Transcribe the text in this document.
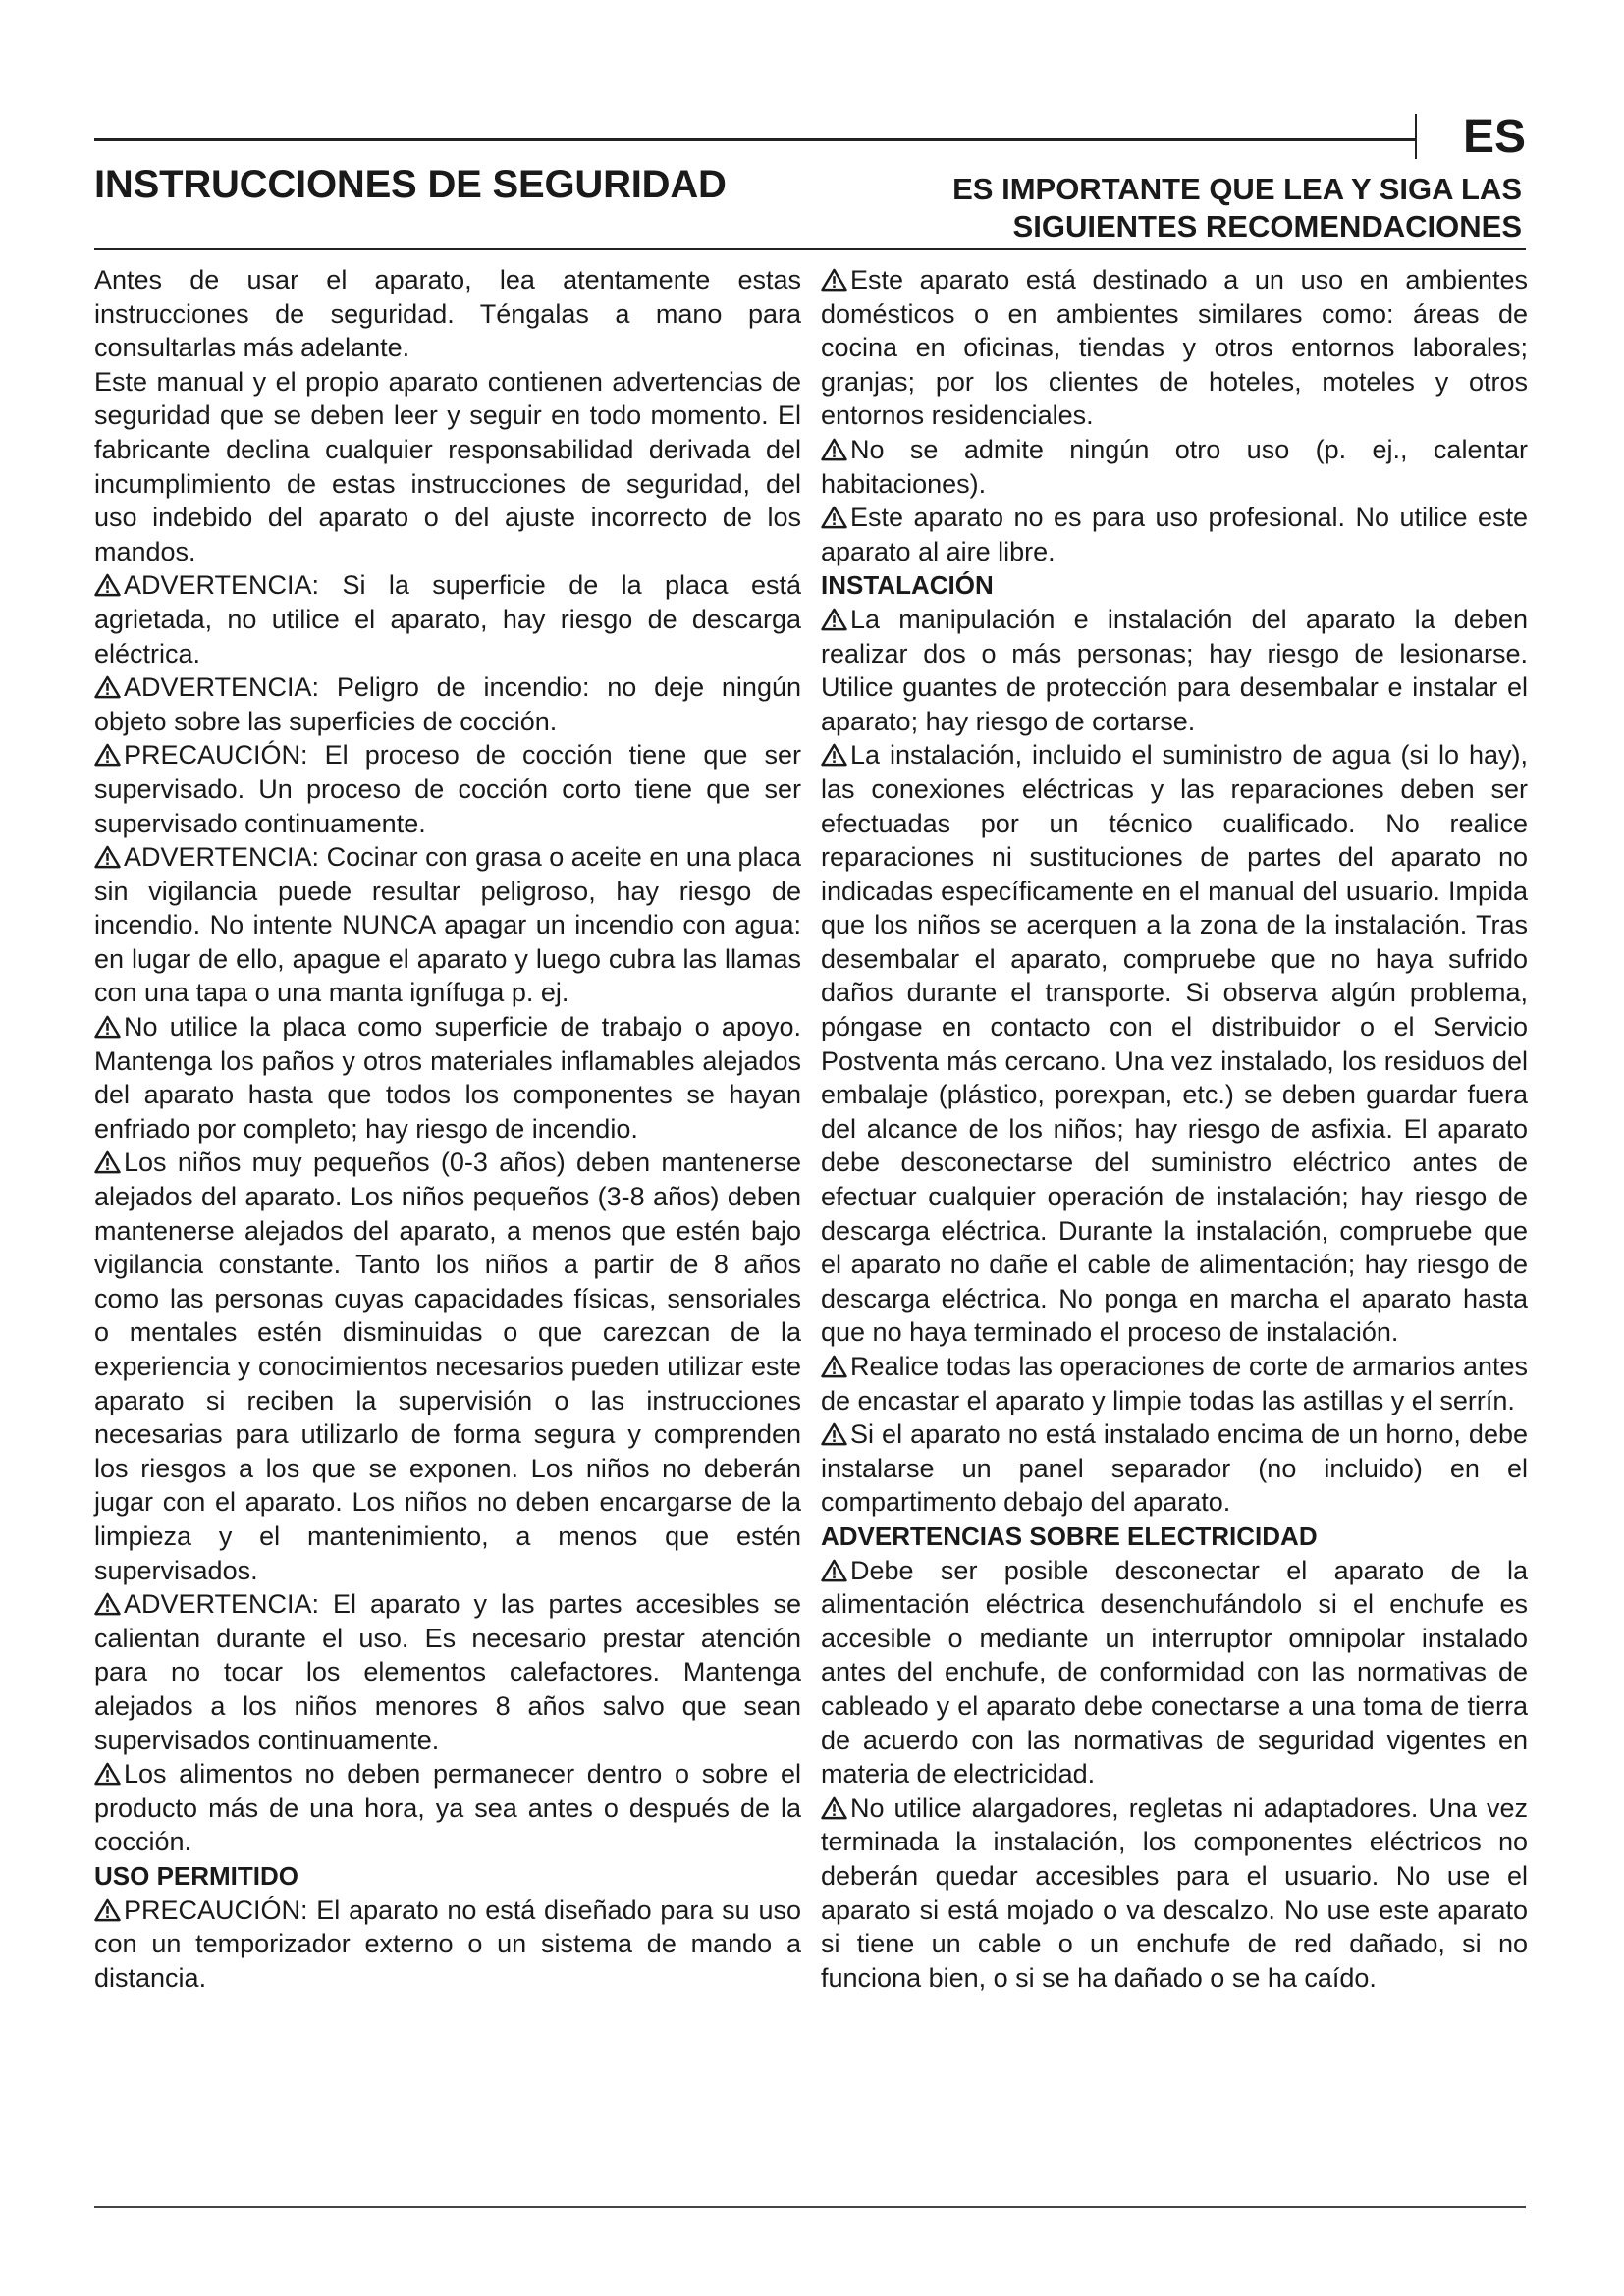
ES
INSTRUCCIONES DE SEGURIDAD	ES IMPORTANTE QUE LEA Y SIGA LAS
SIGUIENTES RECOMENDACIONES

Antes de usar el aparato, lea atentamente estas instrucciones de seguridad. Téngalas a mano para consultarlas más adelante.

Este manual y el propio aparato contienen advertencias de seguridad que se deben leer y seguir en todo momento. El fabricante declina cualquier responsabilidad derivada del incumplimiento de estas instrucciones de seguridad, del uso indebido del aparato o del ajuste incorrecto de los mandos.

ADVERTENCIA: Si la superficie de la placa está agrietada, no utilice el aparato, hay riesgo de descarga eléctrica.

ADVERTENCIA: Peligro de incendio: no deje ningún objeto sobre las superficies de cocción.

PRECAUCIÓN: El proceso de cocción tiene que ser supervisado. Un proceso de cocción corto tiene que ser supervisado continuamente.

ADVERTENCIA: Cocinar con grasa o aceite en una placa sin vigilancia puede resultar peligroso, hay riesgo de incendio. No intente NUNCA apagar un incendio con agua: en lugar de ello, apague el aparato y luego cubra las llamas con una tapa o una manta ignífuga p. ej.

No utilice la placa como superficie de trabajo o apoyo. Mantenga los paños y otros materiales inflamables alejados del aparato hasta que todos los componentes se hayan enfriado por completo; hay riesgo de incendio.

Los niños muy pequeños (0-3 años) deben mantenerse alejados del aparato. Los niños pequeños (3-8 años) deben mantenerse alejados del aparato, a menos que estén bajo vigilancia constante. Tanto los niños a partir de 8 años como las personas cuyas capacidades físicas, sensoriales o mentales estén disminuidas o que carezcan de la experiencia y conocimientos necesarios pueden utilizar este aparato si reciben la supervisión o las instrucciones necesarias para utilizarlo de forma segura y comprenden los riesgos a los que se exponen. Los niños no deberán jugar con el aparato. Los niños no deben encargarse de la limpieza y el mantenimiento, a menos que estén supervisados.

ADVERTENCIA: El aparato y las partes accesibles se calientan durante el uso. Es necesario prestar atención para no tocar los elementos calefactores. Mantenga alejados a los niños menores 8 años salvo que sean supervisados continuamente.

Los alimentos no deben permanecer dentro o sobre el producto más de una hora, ya sea antes o después de la cocción.

USO PERMITIDO

PRECAUCIÓN: El aparato no está diseñado para su uso con un temporizador externo o un sistema de mando a distancia.

Este aparato está destinado a un uso en ambientes domésticos o en ambientes similares como: áreas de cocina en oficinas, tiendas y otros entornos laborales; granjas; por los clientes de hoteles, moteles y otros entornos residenciales.

No se admite ningún otro uso (p. ej., calentar habitaciones).

Este aparato no es para uso profesional. No utilice este aparato al aire libre.

INSTALACIÓN

La manipulación e instalación del aparato la deben realizar dos o más personas; hay riesgo de lesionarse. Utilice guantes de protección para desembalar e instalar el aparato; hay riesgo de cortarse.

La instalación, incluido el suministro de agua (si lo hay), las conexiones eléctricas y las reparaciones deben ser efectuadas por un técnico cualificado. No realice reparaciones ni sustituciones de partes del aparato no indicadas específicamente en el manual del usuario. Impida que los niños se acerquen a la zona de la instalación. Tras desembalar el aparato, compruebe que no haya sufrido daños durante el transporte. Si observa algún problema, póngase en contacto con el distribuidor o el Servicio Postventa más cercano. Una vez instalado, los residuos del embalaje (plástico, porexpan, etc.) se deben guardar fuera del alcance de los niños; hay riesgo de asfixia. El aparato debe desconectarse del suministro eléctrico antes de efectuar cualquier operación de instalación; hay riesgo de descarga eléctrica. Durante la instalación, compruebe que el aparato no dañe el cable de alimentación; hay riesgo de descarga eléctrica. No ponga en marcha el aparato hasta que no haya terminado el proceso de instalación.

Realice todas las operaciones de corte de armarios antes de encastar el aparato y limpie todas las astillas y el serrín.

Si el aparato no está instalado encima de un horno, debe instalarse un panel separador (no incluido) en el compartimento debajo del aparato.

ADVERTENCIAS SOBRE ELECTRICIDAD

Debe ser posible desconectar el aparato de la alimentación eléctrica desenchufándolo si el enchufe es accesible o mediante un interruptor omnipolar instalado antes del enchufe, de conformidad con las normativas de cableado y el aparato debe conectarse a una toma de tierra de acuerdo con las normativas de seguridad vigentes en materia de electricidad.

No utilice alargadores, regletas ni adaptadores. Una vez terminada la instalación, los componentes eléctricos no deberán quedar accesibles para el usuario. No use el aparato si está mojado o va descalzo. No use este aparato si tiene un cable o un enchufe de red dañado, si no funciona bien, o si se ha dañado o se ha caído.
